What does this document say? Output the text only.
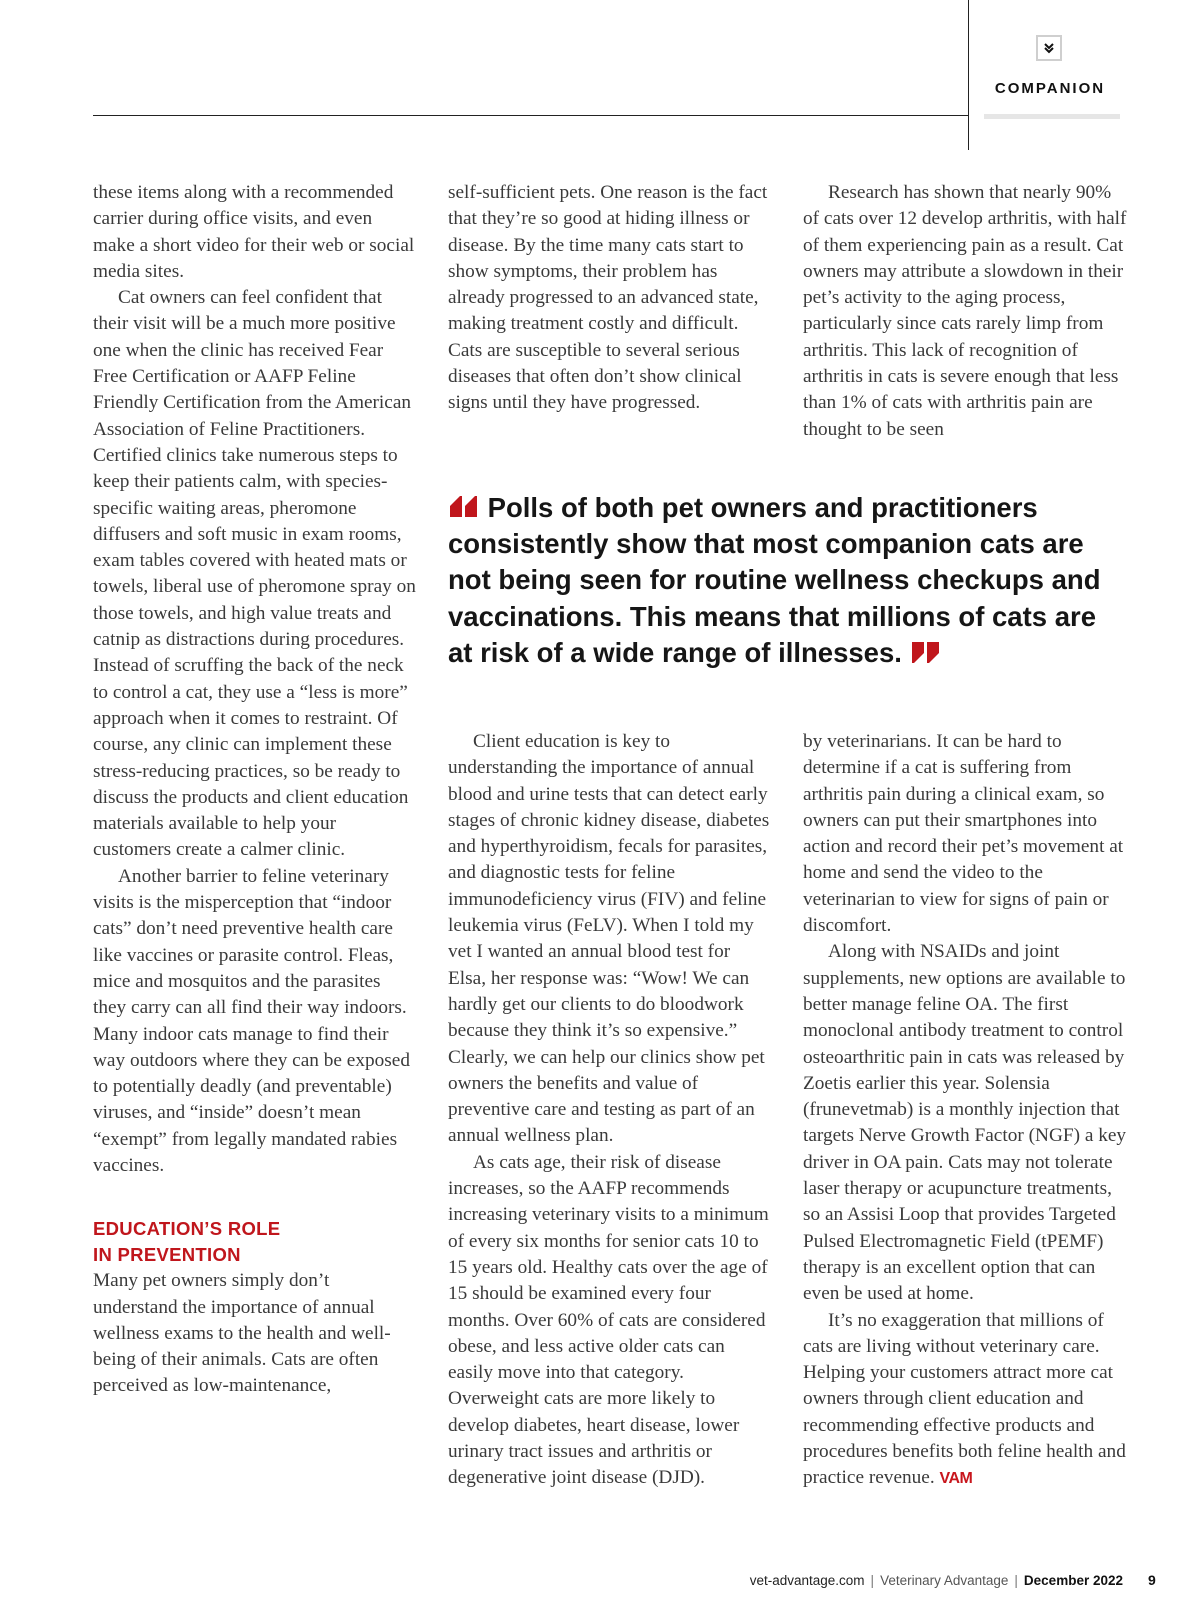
COMPANION

these items along with a recommended carrier during office visits, and even make a short video for their web or social media sites.

Cat owners can feel confident that their visit will be a much more positive one when the clinic has received Fear Free Certification or AAFP Feline Friendly Certification from the American Association of Feline Practitioners. Certified clinics take numerous steps to keep their patients calm, with species-specific waiting areas, pheromone diffusers and soft music in exam rooms, exam tables covered with heated mats or towels, liberal use of pheromone spray on those towels, and high value treats and catnip as distractions during procedures. Instead of scruffing the back of the neck to control a cat, they use a “less is more” approach when it comes to restraint. Of course, any clinic can implement these stress-reducing practices, so be ready to discuss the products and client education materials available to help your customers create a calmer clinic.

Another barrier to feline veterinary visits is the misperception that “indoor cats” don’t need preventive health care like vaccines or parasite control. Fleas, mice and mosquitos and the parasites they carry can all find their way indoors. Many indoor cats manage to find their way outdoors where they can be exposed to potentially deadly (and preventable) viruses, and “inside” doesn’t mean “exempt” from legally mandated rabies vaccines.

EDUCATION’S ROLE
IN PREVENTION

Many pet owners simply don’t understand the importance of annual wellness exams to the health and well-being of their animals. Cats are often perceived as low-maintenance,

self-sufficient pets. One reason is the fact that they’re so good at hiding illness or disease. By the time many cats start to show symptoms, their problem has already progressed to an advanced state, making treatment costly and difficult. Cats are susceptible to several serious diseases that often don’t show clinical signs until they have progressed.

Research has shown that nearly 90% of cats over 12 develop arthritis, with half of them experiencing pain as a result. Cat owners may attribute a slowdown in their pet’s activity to the aging process, particularly since cats rarely limp from arthritis. This lack of recognition of arthritis in cats is severe enough that less than 1% of cats with arthritis pain are thought to be seen

Polls of both pet owners and practitioners consistently show that most companion cats are not being seen for routine wellness checkups and vaccinations. This means that millions of cats are at risk of a wide range of illnesses.

Client education is key to understanding the importance of annual blood and urine tests that can detect early stages of chronic kidney disease, diabetes and hyperthyroidism, fecals for parasites, and diagnostic tests for feline immunodeficiency virus (FIV) and feline leukemia virus (FeLV). When I told my vet I wanted an annual blood test for Elsa, her response was: “Wow! We can hardly get our clients to do bloodwork because they think it’s so expensive.” Clearly, we can help our clinics show pet owners the benefits and value of preventive care and testing as part of an annual wellness plan.

As cats age, their risk of disease increases, so the AAFP recommends increasing veterinary visits to a minimum of every six months for senior cats 10 to 15 years old. Healthy cats over the age of 15 should be examined every four months. Over 60% of cats are considered obese, and less active older cats can easily move into that category. Overweight cats are more likely to develop diabetes, heart disease, lower urinary tract issues and arthritis or degenerative joint disease (DJD).

by veterinarians. It can be hard to determine if a cat is suffering from arthritis pain during a clinical exam, so owners can put their smartphones into action and record their pet’s movement at home and send the video to the veterinarian to view for signs of pain or discomfort.

Along with NSAIDs and joint supplements, new options are available to better manage feline OA. The first monoclonal antibody treatment to control osteoarthritic pain in cats was released by Zoetis earlier this year. Solensia (frunevetmab) is a monthly injection that targets Nerve Growth Factor (NGF) a key driver in OA pain. Cats may not tolerate laser therapy or acupuncture treatments, so an Assisi Loop that provides Targeted Pulsed Electromagnetic Field (tPEMF) therapy is an excellent option that can even be used at home.

It’s no exaggeration that millions of cats are living without veterinary care. Helping your customers attract more cat owners through client education and recommending effective products and procedures benefits both feline health and practice revenue. VAM

vet-advantage.com | Veterinary Advantage | December 2022 9
